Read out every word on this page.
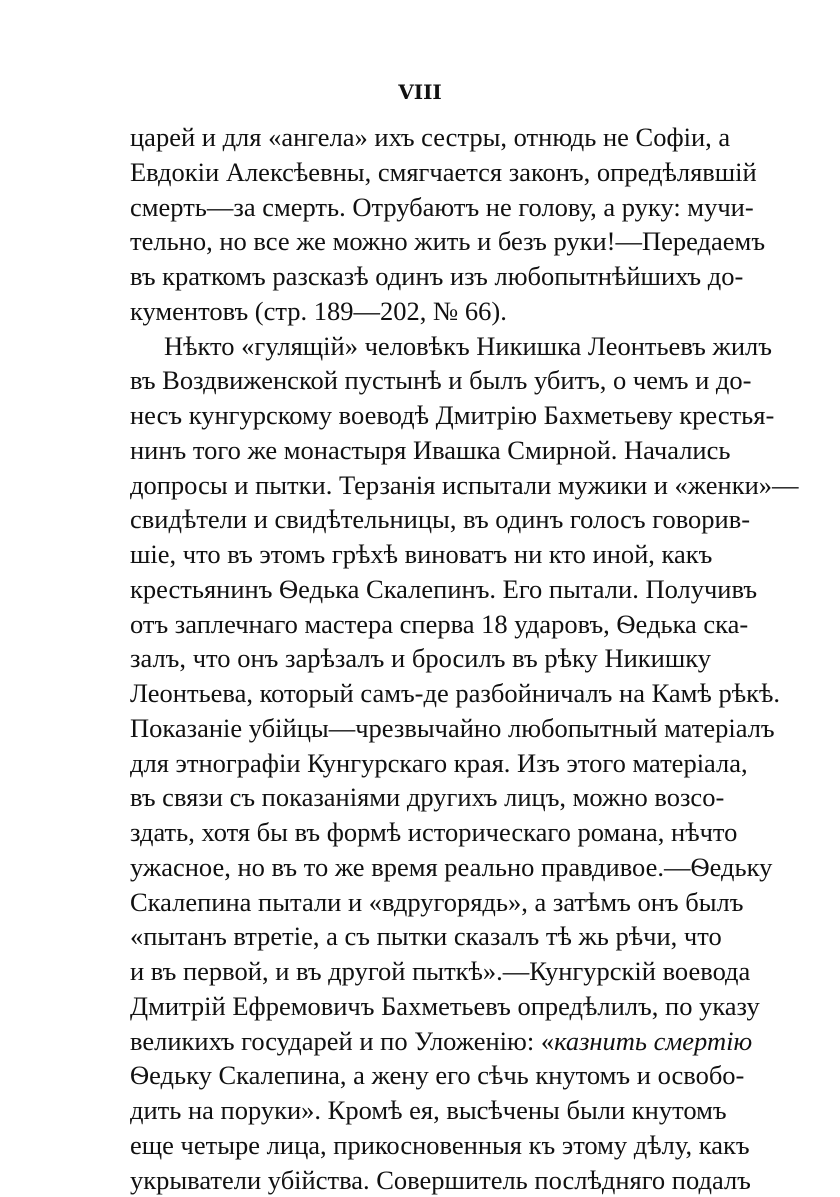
VIII
царей и для «ангела» ихъ сестры, отнюдь не Софіи, а
Евдокіи Алексѣевны, смягчается законъ, опредѣлявшій
смерть—за смерть. Отрубаютъ не голову, а руку: мучи-
тельно, но все же можно жить и безъ руки!—Передаемъ
въ краткомъ разсказѣ одинъ изъ любопытнѣйшихъ до-
кументовъ (стр. 189—202, № 66).
Нѣкто «гулящій» человѣкъ Никишка Леонтьевъ жилъ
въ Воздвиженской пустынѣ и былъ убитъ, о чемъ и до-
несъ кунгурскому воеводѣ Дмитрію Бахметьеву крестья-
нинъ того же монастыря Ивашка Смирной. Начались
допросы и пытки. Терзанія испытали мужики и «женки»—
свидѣтели и свидѣтельницы, въ одинъ голосъ говорив-
шіе, что въ этомъ грѣхѣ виноватъ ни кто иной, какъ
крестьянинъ Ѳедька Скалепинъ. Его пытали. Получивъ
отъ заплечнаго мастера сперва 18 ударовъ, Ѳедька ска-
залъ, что онъ зарѣзалъ и бросилъ въ рѣку Никишку
Леонтьева, который самъ-де разбойничалъ на Камѣ рѣкѣ.
Показаніе убійцы—чрезвычайно любопытный матеріалъ
для этнографіи Кунгурскаго края. Изъ этого матеріала,
въ связи съ показаніями другихъ лицъ, можно возсо-
здать, хотя бы въ формѣ историческаго романа, нѣчто
ужасное, но въ то же время реально правдивое.—Ѳедьку
Скалепина пытали и «вдругорядь», а затѣмъ онъ былъ
«пытанъ втретіе, а съ пытки сказалъ тѣ жь рѣчи, что
и въ первой, и въ другой пыткѣ».—Кунгурскій воевода
Дмитрій Ефремовичъ Бахметьевъ опредѣлилъ, по указу
великихъ государей и по Уложенію: «казнить смертію
Ѳедьку Скалепина, а жену его сѣчь кнутомъ и освобо-
дить на поруки». Кромѣ ея, высѣчены были кнутомъ
еще четыре лица, прикосновенныя къ этому дѣлу, какъ
укрыватели убійства. Совершитель послѣдняго подалъ
